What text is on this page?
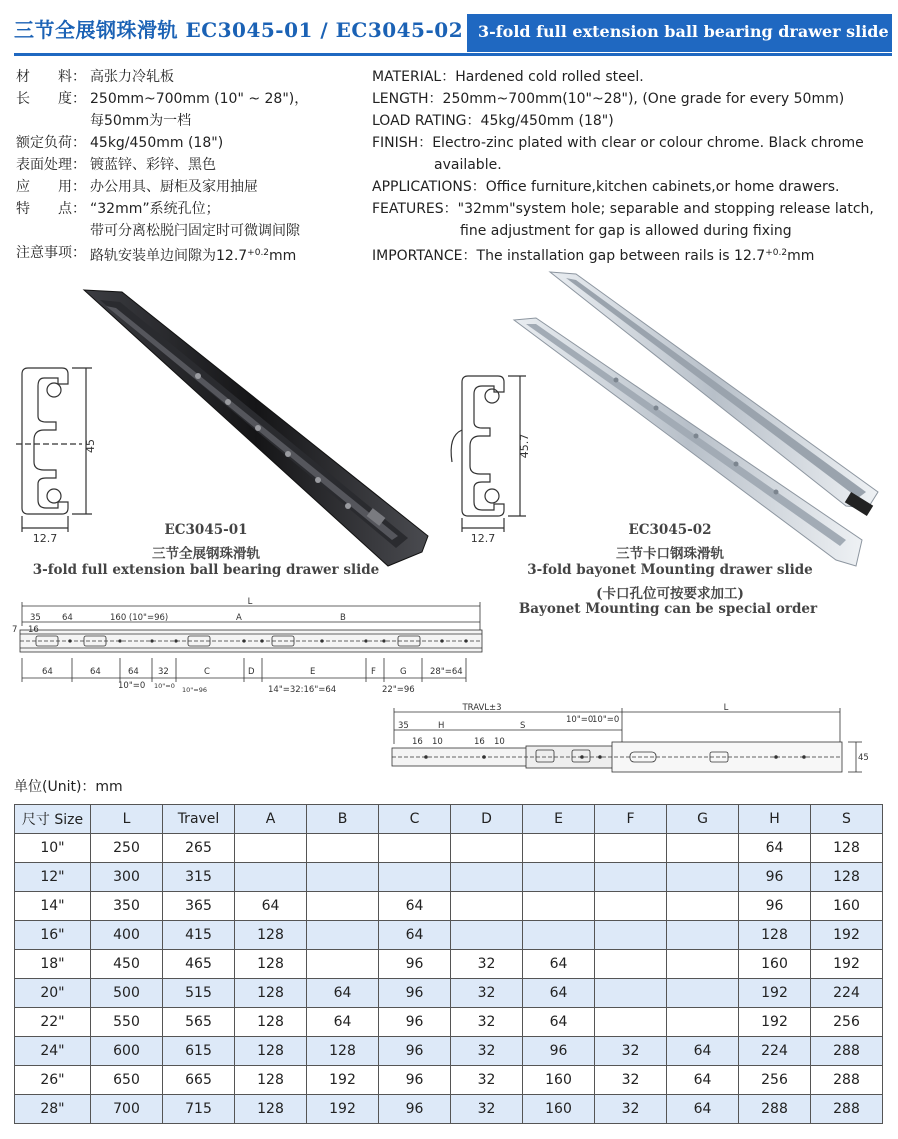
三节全展钢珠滑轨 EC3045-01 / EC3045-02 3-fold full extension ball bearing drawer slide
材　　料： 高张力冷轧板
长　　度： 250mm~700mm (10" ~ 28")，
每50mm为一档
额定负荷： 45kg/450mm (18")
表面处理： 镀蓝锌、彩锌、黑色
应　　用： 办公用具、厨柜及家用抽屉
特　　点： “32mm”系统孔位；
带可分离松脱闩固定时可微调间隙
注意事项： 路轨安装单边间隙为$12.7^{+0.2}mm$
MATERIAL：Hardened cold rolled steel.
LENGTH：250mm~700mm(10"~28"), (One grade for every 50mm)
LOAD RATING：45kg/450mm (18")
FINISH：Electro-zinc plated with clear or colour chrome. Black chrome
available.
APPLICATIONS：Office furniture,kitchen cabinets,or home drawers.
FEATURES："32mm"system hole; separable and stopping release latch,
fine adjustment for gap is allowed during fixing
IMPORTANCE：The installation gap between rails is $12.7^{+0.2}mm$
45
12.7
EC3045-01
三节全展钢珠滑轨
3-fold full extension ball bearing drawer slide
45.7
12.7
EC3045-02
三节卡口钢珠滑轨
3-fold bayonet Mounting drawer slide
(卡口孔位可按要求加工)
Bayonet Mounting can be special order
L
35 64
7 16
160 (10"=96)	A	B
64	64	64 32	C	D	E	F	G	28"=64
10"=0 10"=0 10"=96	14"=32:16"=64	22"=96
TRAVL±3	L
35	H	S
10"=0
10"=0
16 10	16 10
45
单位(Unit)：mm
尺寸 Size	L	Travel	A	B	C	D	E	F	G	H	S
10"	250	265								64	128
12"	300	315								96	128
14"	350	365	64		64					96	160
16"	400	415	128		64					128	192
18"	450	465	128		96	32	64			160	192
20"	500	515	128	64	96	32	64			192	224
22"	550	565	128	64	96	32	64			192	256
24"	600	615	128	128	96	32	96	32	64	224	288
26"	650	665	128	192	96	32	160	32	64	256	288
28"	700	715	128	192	96	32	160	32	64	288	288
